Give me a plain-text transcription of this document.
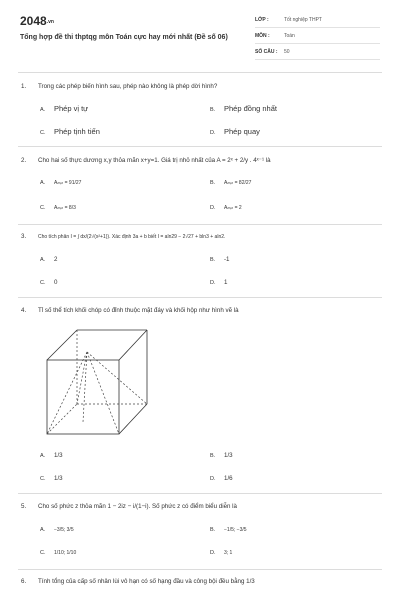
2048.vn
Tổng hợp đề thi thptqg môn Toán cực hay mới nhất (Đề số 06)
LỚP :	Tốt nghiệp THPT
MÔN :	Toán
SỐ CÂU : 50
1. Trong các phép biến hình sau, phép nào không là phép dời hình?
A. Phép vị tự	B. Phép đồng nhất
C. Phép tịnh tiến	D. Phép quay
2. Cho hai số thực dương x,y thỏa mãn x+y=1. Giá trị nhỏ nhất của A = 2ˣ + 2/y . 4ˣ⁻¹ là
A. Aₘᵢₙ = 91/27	B. Aₘᵢₙ = 82/27
C. Aₘᵢₙ = 8/3	D. Aₘᵢₙ = 2
3. Cho tích phân I = ∫ dx/(2√(x²+1)). Xác định 3a + b biết I = aln29 − 2√27 + bln3 + aln2.
A. 2	B. -1
C. 0	D. 1
4. Tỉ số thể tích khối chóp có đỉnh thuộc mặt đáy và khối hộp như hình vẽ là
A. 1/3	B. 1/3
C. 1/3	D. 1/6
5. Cho số phức z thỏa mãn 1 − 2iz − i/(1−i). Số phức z có điểm biểu diễn là
A. −3/5; 3/5	B. −1/5; −3/5
C. 1/10; 1/10	D. 3; 1
6. Tính tổng của cấp số nhân lùi vô hạn có số hạng đầu và công bội đều bằng 1/3
